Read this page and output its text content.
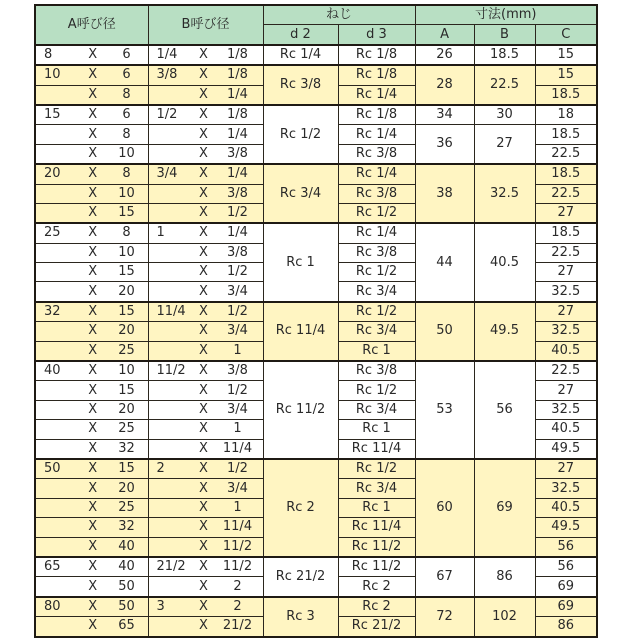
A呼び径	B呼び径	ねじ		寸法(mm)		
		d 2	d 3	A	B	C

8 X 6	1/4 X 1/8	Rc 1/4	Rc 1/8	26	18.5	15

10 X 6	3/8 X 1/8	Rc 3/8	Rc 1/8	28	22.5	15

X 8	X 1/4		Rc 1/4			18.5

15 X 6	1/2 X 1/8	Rc 1/2	Rc 1/8	34	30	18

X 8	X 1/4		Rc 1/4	36	27	18.5

X 10	X 3/8		Rc 3/8			22.5

20 X 8	3/4 X 1/4	Rc 3/4	Rc 1/4	38	32.5	18.5

X 10	X 3/8		Rc 3/8			22.5

X 15	X 1/2		Rc 1/2			27

25 X 8	1 X 1/4	Rc 1	Rc 1/4	44	40.5	18.5

X 10	X 3/8		Rc 3/8			22.5

X 15	X 1/2		Rc 1/2			27

X 20	X 3/4		Rc 3/4			32.5

32 X 15	11/4 X 1/2	Rc 11/4	Rc 1/2	50	49.5	27

X 20	X 3/4		Rc 3/4			32.5

X 25	X 1		Rc 1			40.5

40 X 10	11/2 X 3/8	Rc 11/2	Rc 3/8	53	56	22.5

X 15	X 1/2		Rc 1/2			27

X 20	X 3/4		Rc 3/4			32.5

X 25	X 1		Rc 1			40.5

X 32	X 11/4		Rc 11/4			49.5

50 X 15	2 X 1/2	Rc 2	Rc 1/2	60	69	27

X 20	X 3/4		Rc 3/4			32.5

X 25	X 1		Rc 1			40.5

X 32	X 11/4		Rc 11/4			49.5

X 40	X 11/2		Rc 11/2			56

65 X 40	21/2 X 11/2	Rc 21/2	Rc 11/2	67	86	56

X 50	X 2		Rc 2			69

80 X 50	3 X 2	Rc 3	Rc 2	72	102	69

X 65	X 21/2		Rc 21/2			86
